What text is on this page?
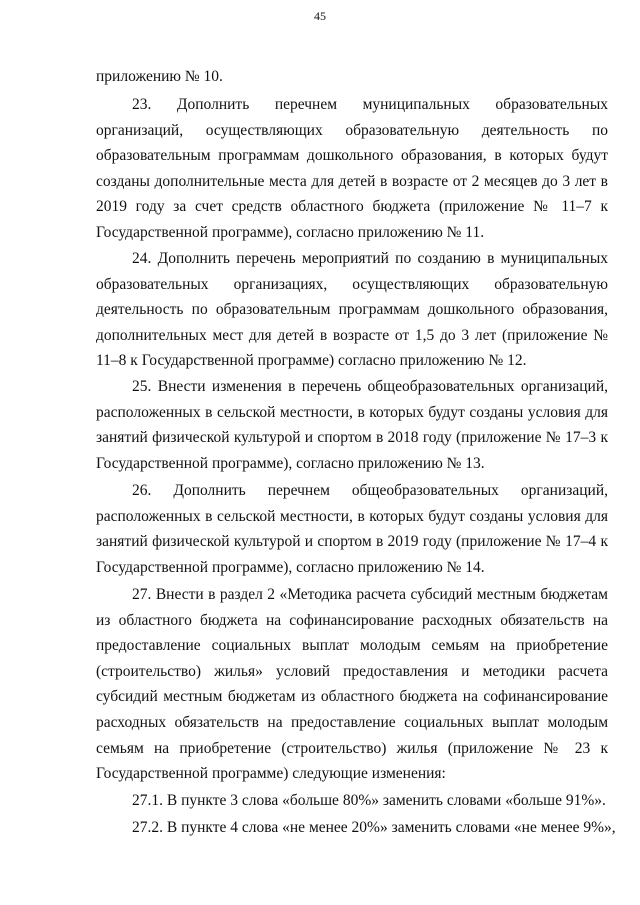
45

приложению № 10.

23. Дополнить перечнем муниципальных образовательных организаций, осуществляющих образовательную деятельность по образовательным программам дошкольного образования, в которых будут созданы дополнительные места для детей в возрасте от 2 месяцев до 3 лет в 2019 году за счет средств областного бюджета (приложение № 11–7 к Государственной программе), согласно приложению № 11.

24. Дополнить перечень мероприятий по созданию в муниципальных образовательных организациях, осуществляющих образовательную деятельность по образовательным программам дошкольного образования, дополнительных мест для детей в возрасте от 1,5 до 3 лет (приложение № 11–8 к Государственной программе) согласно приложению № 12.

25. Внести изменения в перечень общеобразовательных организаций, расположенных в сельской местности, в которых будут созданы условия для занятий физической культурой и спортом в 2018 году (приложение № 17–3 к Государственной программе), согласно приложению № 13.

26. Дополнить перечнем общеобразовательных организаций, расположенных в сельской местности, в которых будут созданы условия для занятий физической культурой и спортом в 2019 году (приложение № 17–4 к Государственной программе), согласно приложению № 14.

27. Внести в раздел 2 «Методика расчета субсидий местным бюджетам из областного бюджета на софинансирование расходных обязательств на предоставление социальных выплат молодым семьям на приобретение (строительство) жилья» условий предоставления и методики расчета субсидий местным бюджетам из областного бюджета на софинансирование расходных обязательств на предоставление социальных выплат молодым семьям на приобретение (строительство) жилья (приложение № 23 к Государственной программе) следующие изменения:

27.1. В пункте 3 слова «больше 80%» заменить словами «больше 91%».

27.2. В пункте 4 слова «не менее 20%» заменить словами «не менее 9%»,
